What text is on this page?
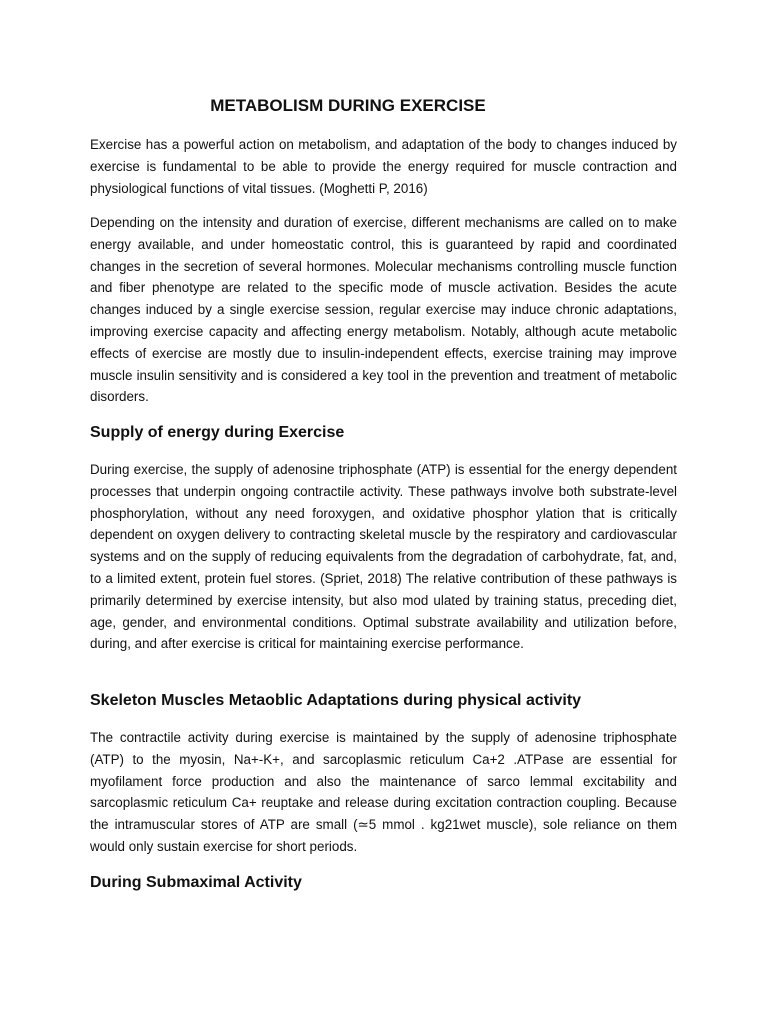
METABOLISM DURING EXERCISE

Exercise has a powerful action on metabolism, and adaptation of the body to changes induced by exercise is fundamental to be able to provide the energy required for muscle contraction and physiological functions of vital tissues. (Moghetti P, 2016)

Depending on the intensity and duration of exercise, different mechanisms are called on to make energy available, and under homeostatic control, this is guaranteed by rapid and coordinated changes in the secretion of several hormones. Molecular mechanisms controlling muscle function and fiber phenotype are related to the specific mode of muscle activation. Besides the acute changes induced by a single exercise session, regular exercise may induce chronic adaptations, improving exercise capacity and affecting energy metabolism. Notably, although acute metabolic effects of exercise are mostly due to insulin-independent effects, exercise training may improve muscle insulin sensitivity and is considered a key tool in the prevention and treatment of metabolic disorders.

Supply of energy during Exercise

During exercise, the supply of adenosine triphosphate (ATP) is essential for the energy dependent processes that underpin ongoing contractile activity. These pathways involve both substrate-level phosphorylation, without any need foroxygen, and oxidative phosphor ylation that is critically dependent on oxygen delivery to contracting skeletal muscle by the respiratory and cardiovascular systems and on the supply of reducing equivalents from the degradation of carbohydrate, fat, and, to a limited extent, protein fuel stores. (Spriet, 2018) The relative contribution of these pathways is primarily determined by exercise intensity, but also mod ulated by training status, preceding diet, age, gender, and environmental conditions. Optimal substrate availability and utilization before, during, and after exercise is critical for maintaining exercise performance.

Skeleton Muscles Metaoblic Adaptations during physical activity

The contractile activity during exercise is maintained by the supply of adenosine triphosphate (ATP) to the myosin, Na+-K+, and sarcoplasmic reticulum Ca+2 .ATPase are essential for myofilament force production and also the maintenance of sarco lemmal excitability and sarcoplasmic reticulum Ca+ reuptake and release during excitation contraction coupling. Because the intramuscular stores of ATP are small (≃5 mmol . kg21wet muscle), sole reliance on them would only sustain exercise for short periods.

During Submaximal Activity
